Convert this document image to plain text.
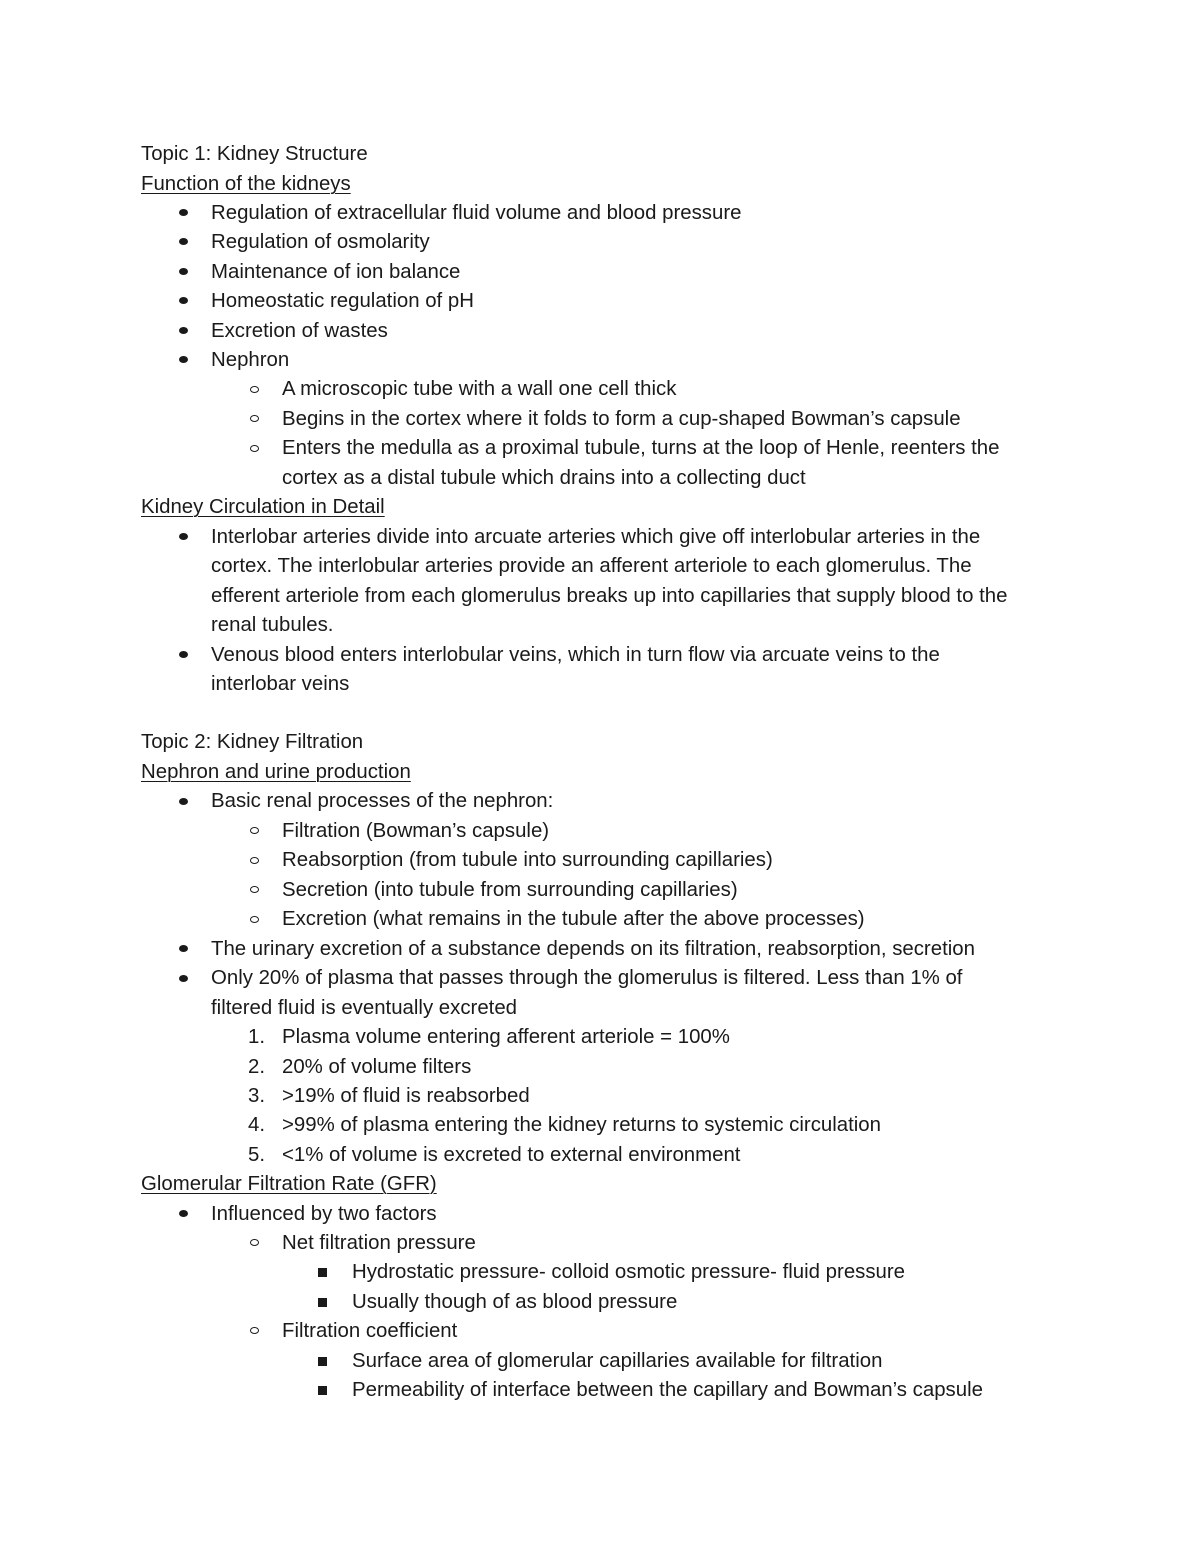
Topic 1: Kidney Structure
Function of the kidneys
Regulation of extracellular fluid volume and blood pressure
Regulation of osmolarity
Maintenance of ion balance
Homeostatic regulation of pH
Excretion of wastes
Nephron
A microscopic tube with a wall one cell thick
Begins in the cortex where it folds to form a cup-shaped Bowman’s capsule
Enters the medulla as a proximal tubule, turns at the loop of Henle, reenters the
cortex as a distal tubule which drains into a collecting duct
Kidney Circulation in Detail
Interlobar arteries divide into arcuate arteries which give off interlobular arteries in the
cortex. The interlobular arteries provide an afferent arteriole to each glomerulus. The
efferent arteriole from each glomerulus breaks up into capillaries that supply blood to the
renal tubules.
Venous blood enters interlobular veins, which in turn flow via arcuate veins to the
interlobar veins
Topic 2: Kidney Filtration
Nephron and urine production
Basic renal processes of the nephron:
Filtration (Bowman’s capsule)
Reabsorption (from tubule into surrounding capillaries)
Secretion (into tubule from surrounding capillaries)
Excretion (what remains in the tubule after the above processes)
The urinary excretion of a substance depends on its filtration, reabsorption, secretion
Only 20% of plasma that passes through the glomerulus is filtered. Less than 1% of
filtered fluid is eventually excreted
1. Plasma volume entering afferent arteriole = 100%
2. 20% of volume filters
3. >19% of fluid is reabsorbed
4. >99% of plasma entering the kidney returns to systemic circulation
5. <1% of volume is excreted to external environment
Glomerular Filtration Rate (GFR)
Influenced by two factors
Net filtration pressure
Hydrostatic pressure- colloid osmotic pressure- fluid pressure
Usually though of as blood pressure
Filtration coefficient
Surface area of glomerular capillaries available for filtration
Permeability of interface between the capillary and Bowman’s capsule
